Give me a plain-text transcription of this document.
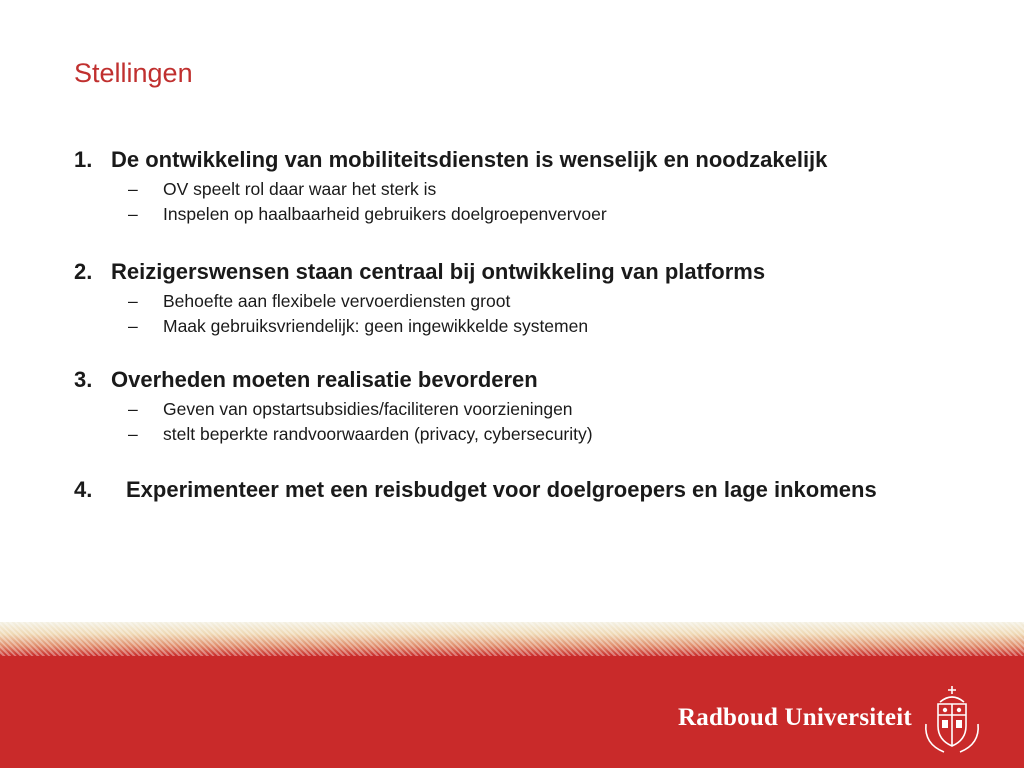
Stellingen
1. De ontwikkeling van mobiliteitsdiensten is wenselijk en noodzakelijk
– OV speelt rol daar waar het sterk is
– Inspelen op haalbaarheid gebruikers doelgroepenvervoer
2. Reizigerswensen staan centraal bij ontwikkeling van platforms
– Behoefte aan flexibele vervoerdiensten groot
– Maak gebruiksvriendelijk: geen ingewikkelde systemen
3. Overheden moeten realisatie bevorderen
– Geven van opstartsubsidies/faciliteren voorzieningen
– stelt beperkte randvoorwaarden (privacy, cybersecurity)
4.	Experimenteer met een reisbudget voor doelgroepers en lage inkomens
Radboud Universiteit
